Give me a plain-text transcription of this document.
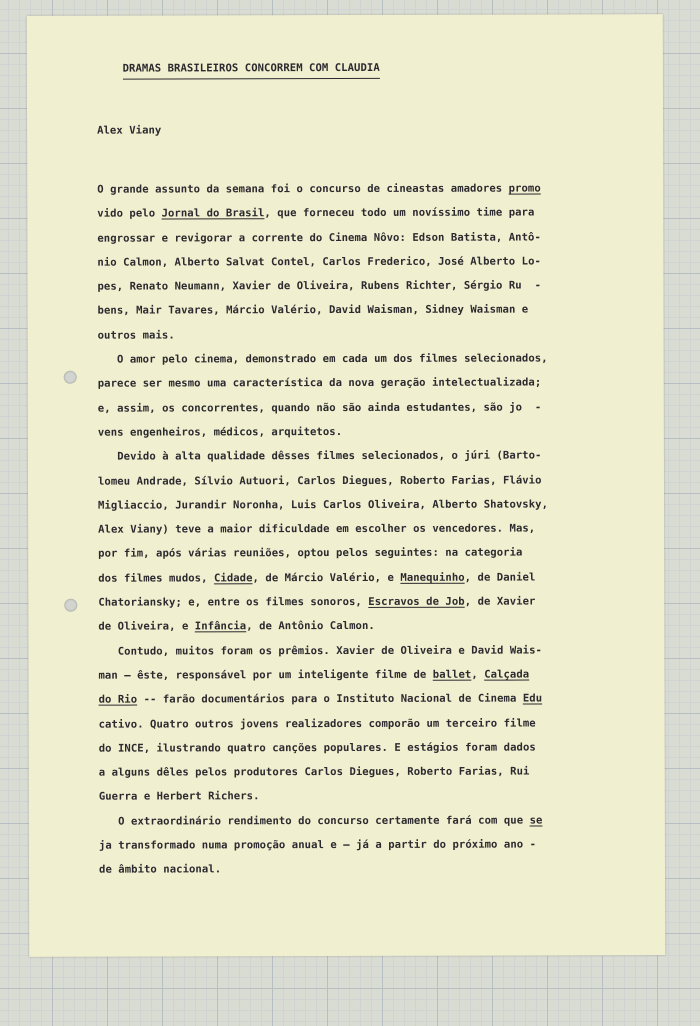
DRAMAS BRASILEIROS CONCORREM COM CLAUDIA

Alex Viany

O grande assunto da semana foi o concurso de cineastas amadores promo
vido pelo Jornal do Brasil, que forneceu todo um novíssimo time para
engrossar e revigorar a corrente do Cinema Nôvo: Edson Batista, Antô-
nio Calmon, Alberto Salvat Contel, Carlos Frederico, José Alberto Lo-
pes, Renato Neumann, Xavier de Oliveira, Rubens Richter, Sérgio Ru  -
bens, Mair Tavares, Márcio Valério, David Waisman, Sidney Waisman e
outros mais.
O amor pelo cinema, demonstrado em cada um dos filmes selecionados,
parece ser mesmo uma característica da nova geração intelectualizada;
e, assim, os concorrentes, quando não são ainda estudantes, são jo  -
vens engenheiros, médicos, arquitetos.
Devido à alta qualidade dêsses filmes selecionados, o júri (Barto-
lomeu Andrade, Sílvio Autuori, Carlos Diegues, Roberto Farias, Flávio
Migliaccio, Jurandir Noronha, Luis Carlos Oliveira, Alberto Shatovsky,
Alex Viany) teve a maior dificuldade em escolher os vencedores. Mas,
por fim, após várias reuniões, optou pelos seguintes: na categoria
dos filmes mudos, Cidade, de Márcio Valério, e Manequinho, de Daniel
Chatoriansky; e, entre os filmes sonoros, Escravos de Job, de Xavier
de Oliveira, e Infância, de Antônio Calmon.
Contudo, muitos foram os prêmios. Xavier de Oliveira e David Wais-
man — êste, responsável por um inteligente filme de ballet, Calçada
do Rio -- farão documentários para o Instituto Nacional de Cinema Edu
cativo. Quatro outros jovens realizadores comporão um terceiro filme
do INCE, ilustrando quatro canções populares. E estágios foram dados
a alguns dêles pelos produtores Carlos Diegues, Roberto Farias, Rui
Guerra e Herbert Richers.
O extraordinário rendimento do concurso certamente fará com que se
ja transformado numa promoção anual e — já a partir do próximo ano -
de âmbito nacional.
